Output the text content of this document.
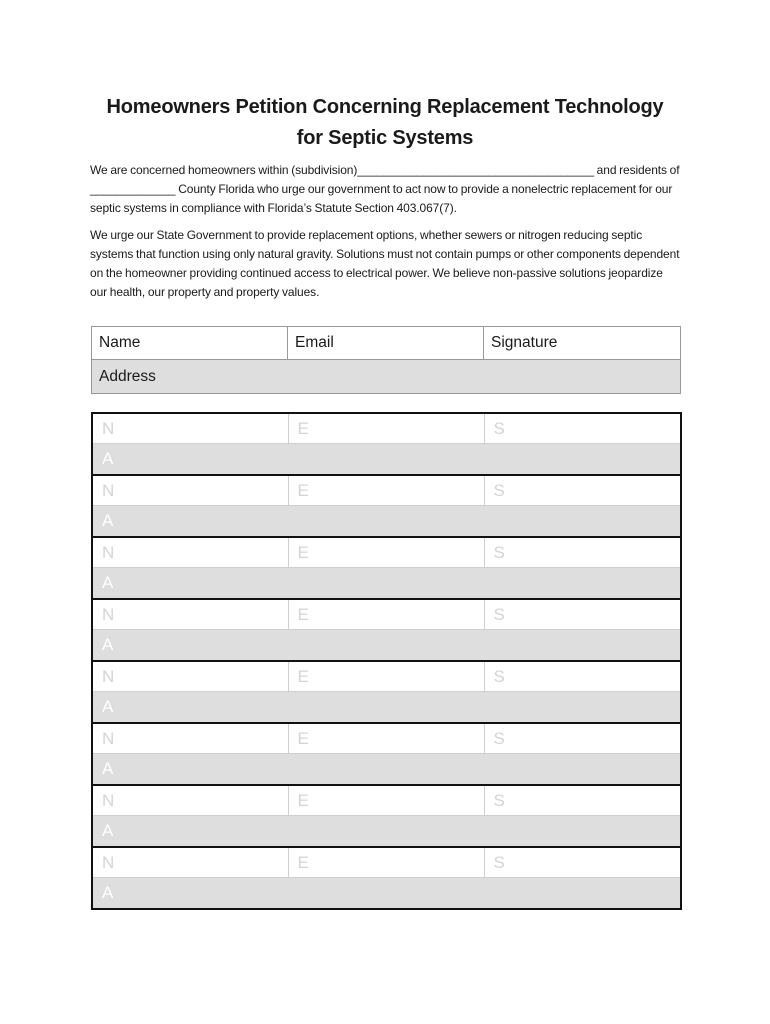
Homeowners Petition Concerning Replacement Technology
for Septic Systems

We are concerned homeowners within (subdivision)____________________________________ and residents of _____________ County Florida who urge our government to act now to provide a nonelectric replacement for our septic systems in compliance with Florida’s Statute Section 403.067(7).

We urge our State Government to provide replacement options, whether sewers or nitrogen reducing septic systems that function using only natural gravity. Solutions must not contain pumps or other components dependent on the homeowner providing continued access to electrical power. We believe non-passive solutions jeopardize our health, our property and property values.

Name	Email	Signature
Address
N	E	S
A		
N	E	S
A		
N	E	S
A		
N	E	S
A		
N	E	S
A		
N	E	S
A		
N	E	S
A		
N	E	S
A		
